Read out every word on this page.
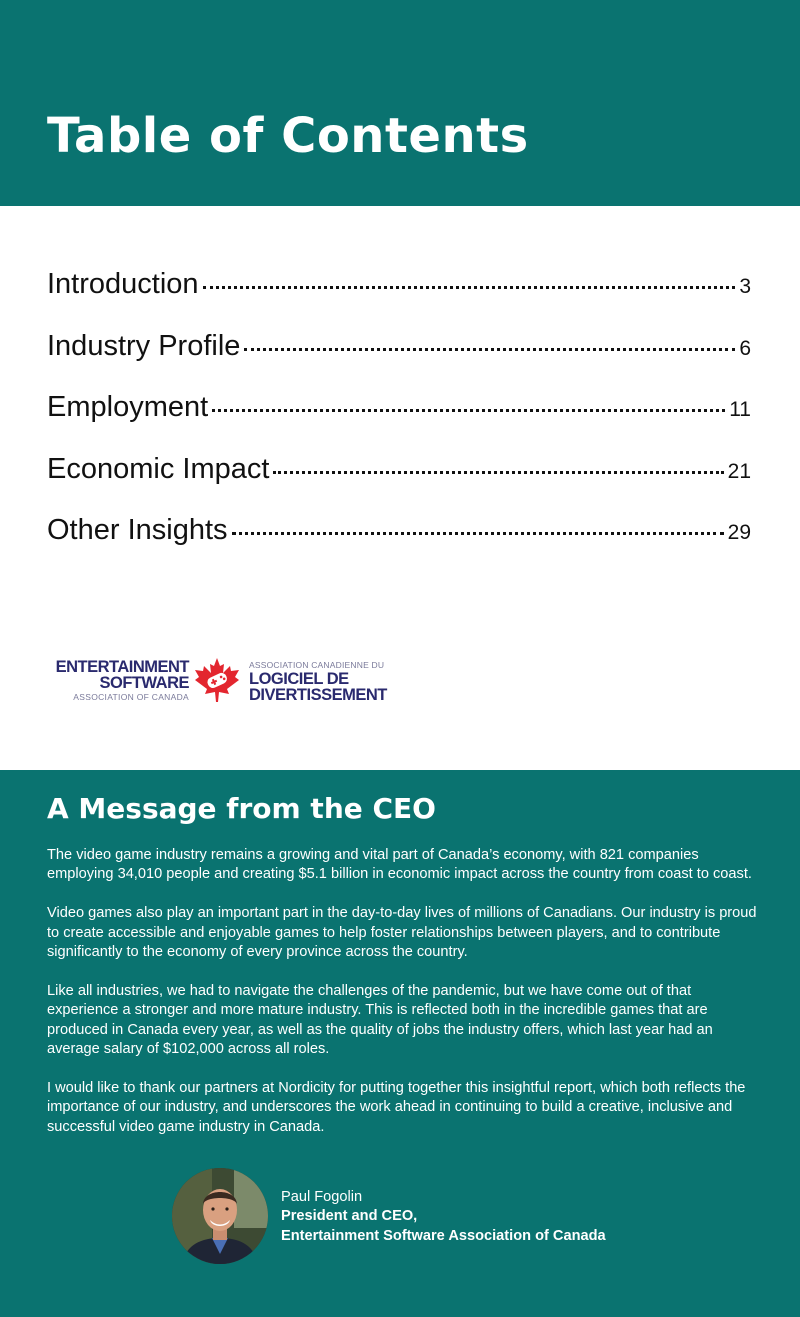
Table of Contents
Introduction	3
Industry Profile	6
Employment	11
Economic Impact	21
Other Insights	29
ENTERTAINMENT
SOFTWARE
ASSOCIATION OF CANADA
ASSOCIATION CANADIENNE DU
LOGICIEL DE
DIVERTISSEMENT
A Message from the CEO

The video game industry remains a growing and vital part of Canada’s economy, with 821 companies employing 34,010 people and creating $5.1 billion in economic impact across the country from coast to coast.

Video games also play an important part in the day-to-day lives of millions of Canadians. Our industry is proud to create accessible and enjoyable games to help foster relationships between players, and to contribute significantly to the economy of every province across the country.

Like all industries, we had to navigate the challenges of the pandemic, but we have come out of that experience a stronger and more mature industry. This is reflected both in the incredible games that are produced in Canada every year, as well as the quality of jobs the industry offers, which last year had an average salary of $102,000 across all roles.

I would like to thank our partners at Nordicity for putting together this insightful report, which both reflects the importance of our industry, and underscores the work ahead in continuing to build a creative, inclusive and successful video game industry in Canada.

Paul Fogolin
President and CEO,
Entertainment Software Association of Canada
